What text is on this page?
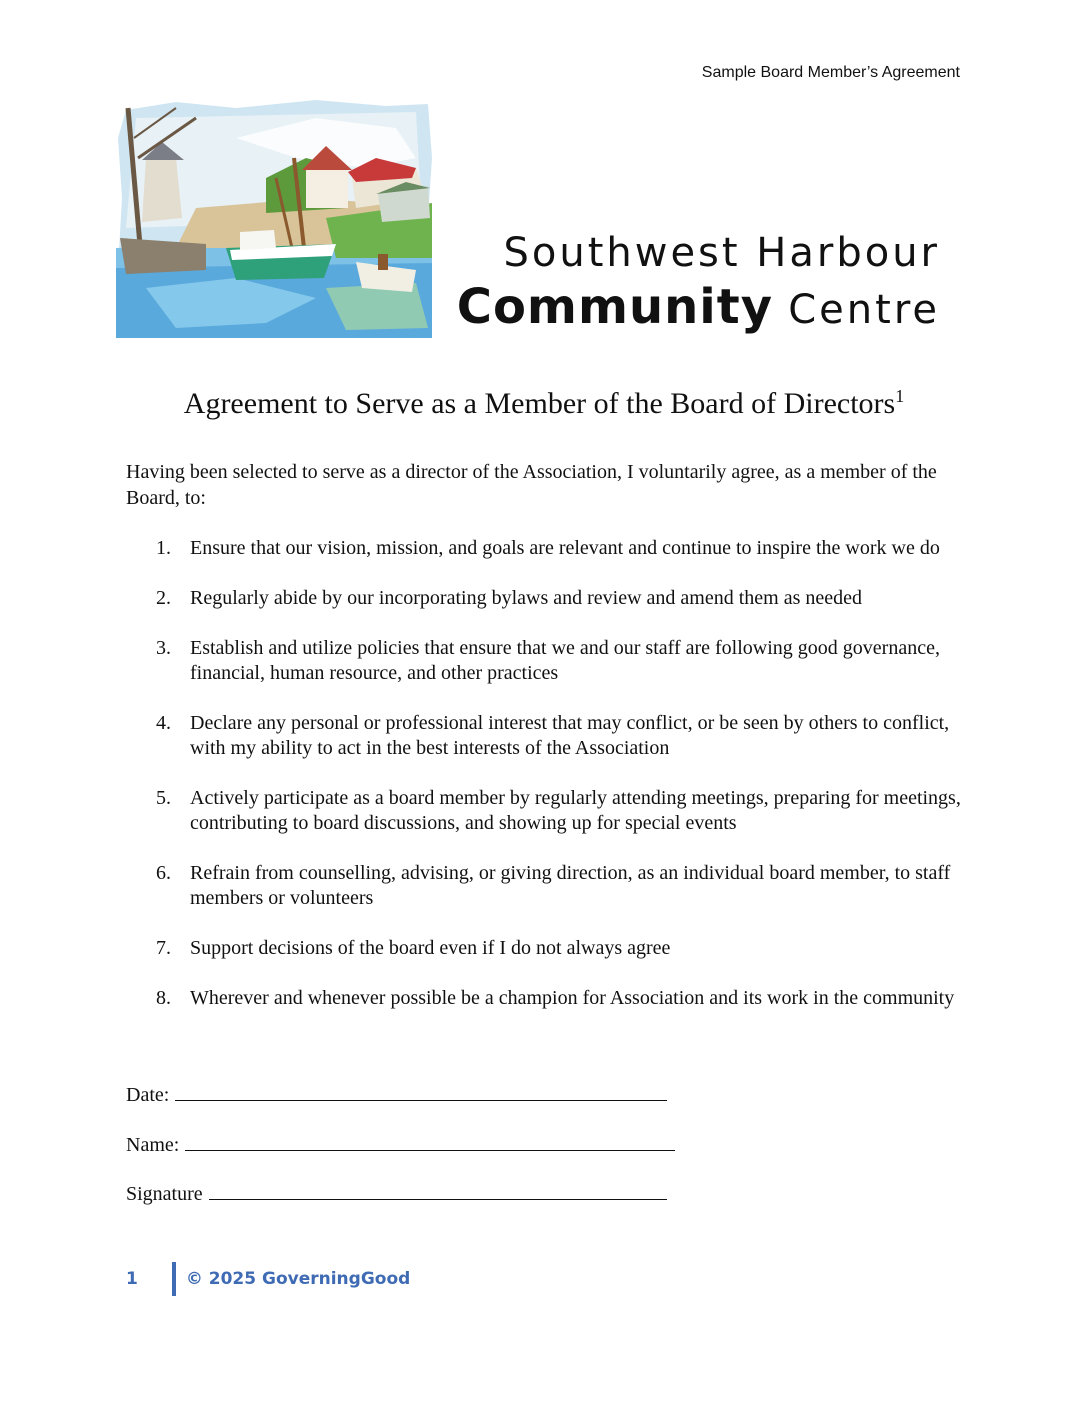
Sample Board Member’s Agreement
Southwest Harbour
Community Centre
Agreement to Serve as a Member of the Board of Directors$^1$
Having been selected to serve as a director of the Association, I voluntarily agree, as a member of the Board, to:
1. Ensure that our vision, mission, and goals are relevant and continue to inspire the work we do
2. Regularly abide by our incorporating bylaws and review and amend them as needed
3. Establish and utilize policies that ensure that we and our staff are following good governance, financial, human resource, and other practices
4. Declare any personal or professional interest that may conflict, or be seen by others to conflict, with my ability to act in the best interests of the Association
5. Actively participate as a board member by regularly attending meetings, preparing for meetings, contributing to board discussions, and showing up for special events
6. Refrain from counselling, advising, or giving direction, as an individual board member, to staff members or volunteers
7. Support decisions of the board even if I do not always agree
8. Wherever and whenever possible be a champion for Association and its work in the community
Date:
Name:
Signature
1	© 2025 GoverningGood
